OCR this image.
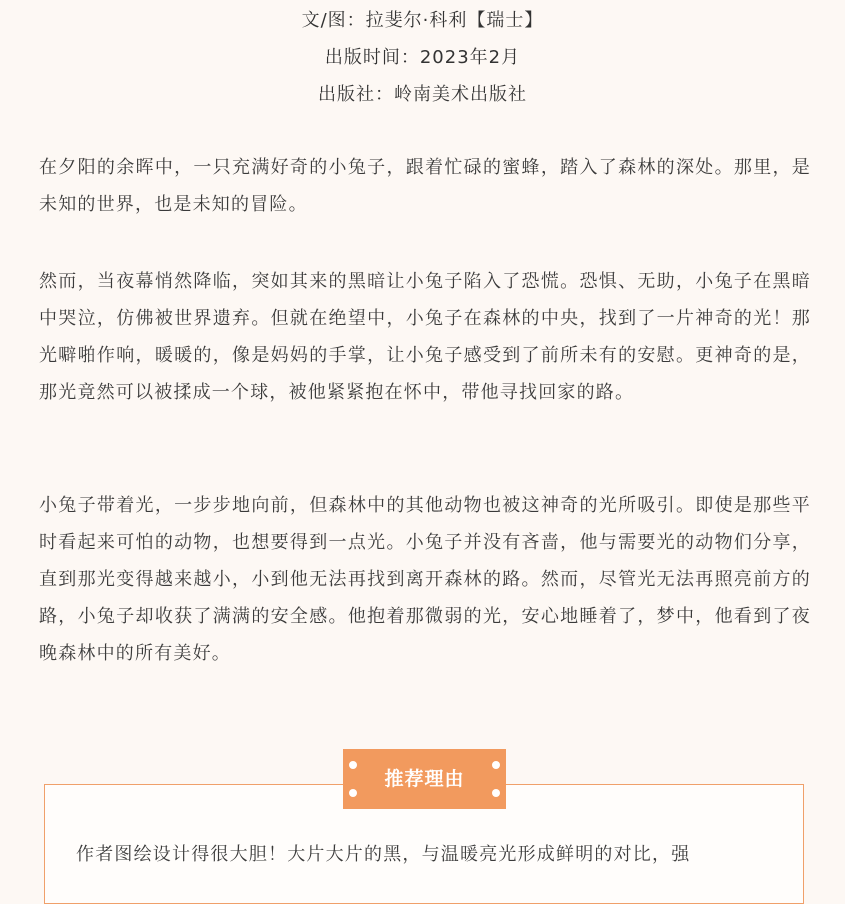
文/图：拉斐尔·科利【瑞士】
出版时间：2023年2月
出版社：岭南美术出版社

在夕阳的余晖中，一只充满好奇的小兔子，跟着忙碌的蜜蜂，踏入了森林的深处。那里，是未知的世界，也是未知的冒险。

然而，当夜幕悄然降临，突如其来的黑暗让小兔子陷入了恐慌。恐惧、无助，小兔子在黑暗中哭泣，仿佛被世界遗弃。但就在绝望中，小兔子在森林的中央，找到了一片神奇的光！那光噼啪作响，暖暖的，像是妈妈的手掌，让小兔子感受到了前所未有的安慰。更神奇的是，那光竟然可以被揉成一个球，被他紧紧抱在怀中，带他寻找回家的路。

小兔子带着光，一步步地向前，但森林中的其他动物也被这神奇的光所吸引。即使是那些平时看起来可怕的动物，也想要得到一点光。小兔子并没有吝啬，他与需要光的动物们分享，直到那光变得越来越小，小到他无法再找到离开森林的路。然而，尽管光无法再照亮前方的路，小兔子却收获了满满的安全感。他抱着那微弱的光，安心地睡着了，梦中，他看到了夜晚森林中的所有美好。

推荐理由

作者图绘设计得很大胆！大片大片的黑，与温暖亮光形成鲜明的对比，强
